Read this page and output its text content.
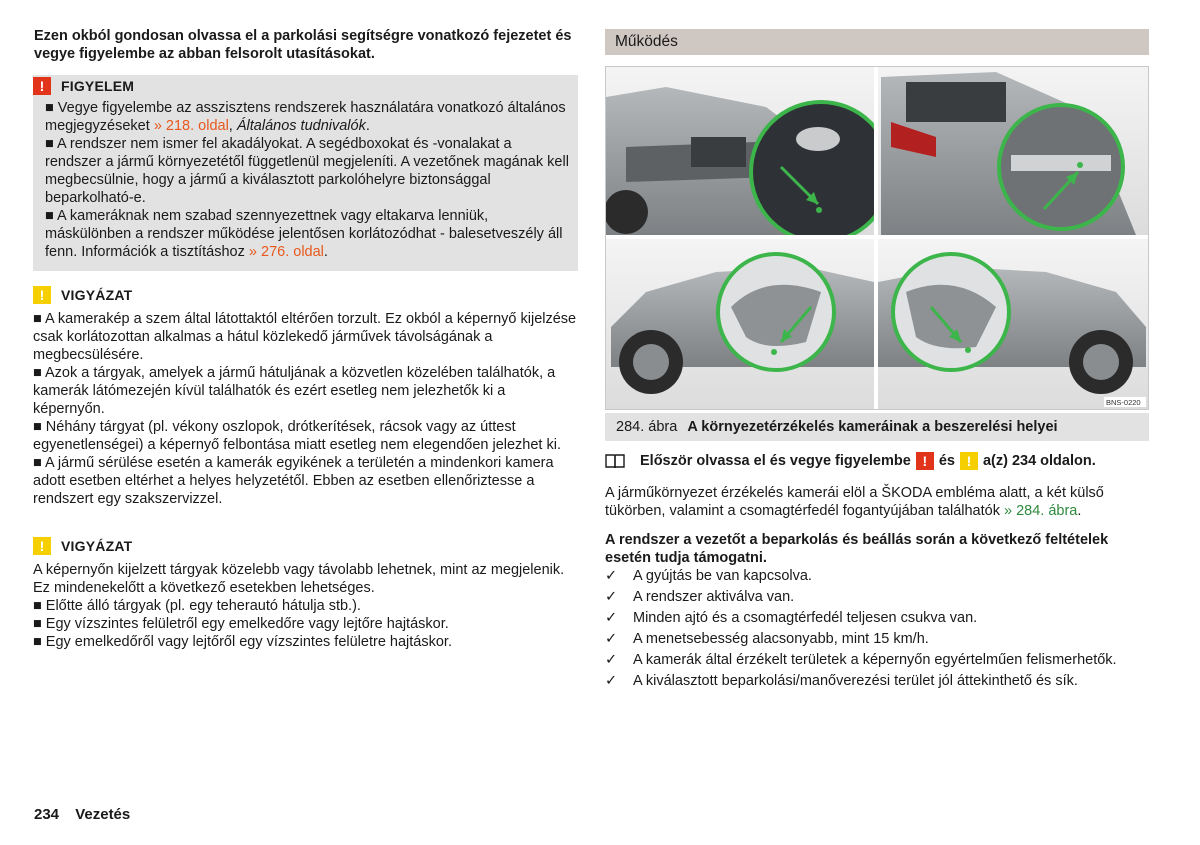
Ezen okból gondosan olvassa el a parkolási segítségre vonatkozó fejezetet és vegye figyelembe az abban felsorolt utasításokat.

!	FIGYELEM

■ Vegye figyelembe az asszisztens rendszerek használatára vonatkozó általános megjegyzéseket » 218. oldal, Általános tudnivalók.

■ A rendszer nem ismer fel akadályokat. A segédboxokat és -vonalakat a rendszer a jármű környezetétől függetlenül megjeleníti. A vezetőnek magának kell megbecsülnie, hogy a jármű a kiválasztott parkolóhelyre biztonsággal beparkolható-e.

■ A kameráknak nem szabad szennyezettnek vagy eltakarva lenniük, máskülönben a rendszer működése jelentősen korlátozódhat - balesetveszély áll fenn. Információk a tisztításhoz » 276. oldal.

!	VIGYÁZAT

■ A kamerakép a szem által látottaktól eltérően torzult. Ez okból a képernyő kijelzése csak korlátozottan alkalmas a hátul közlekedő járművek távolságának a megbecsülésére.

■ Azok a tárgyak, amelyek a jármű hátuljának a közvetlen közelében találhatók, a kamerák látómezején kívül találhatók és ezért esetleg nem jelezhetők ki a képernyőn.

■ Néhány tárgyat (pl. vékony oszlopok, drótkerítések, rácsok vagy az úttest egyenetlenségei) a képernyő felbontása miatt esetleg nem elegendően jelezhet ki.

■ A jármű sérülése esetén a kamerák egyikének a területén a mindenkori kamera adott esetben eltérhet a helyes helyzetétől. Ebben az esetben ellenőriztesse a rendszert egy szakszervizzel.

!	VIGYÁZAT

A képernyőn kijelzett tárgyak közelebb vagy távolabb lehetnek, mint az megjelenik. Ez mindenekelőtt a következő esetekben lehetséges.

■ Előtte álló tárgyak (pl. egy teherautó hátulja stb.).

■ Egy vízszintes felületről egy emelkedőre vagy lejtőre hajtáskor.

■ Egy emelkedőről vagy lejtőről egy vízszintes felületre hajtáskor.

234 Vezetés
Működés
BNS-0220
284. ábra A környezetérzékelés kameráinak a beszerelési helyei
Először olvassa el és vegye figyelembe ! és ! a(z) 234 oldalon.

A járműkörnyezet érzékelés kamerái elöl a ŠKODA embléma alatt, a két külső tükörben, valamint a csomagtérfedél fogantyújában találhatók » 284. ábra.

A rendszer a vezetőt a beparkolás és beállás során a következő feltételek esetén tudja támogatni.

✓	A gyújtás be van kapcsolva.
✓	A rendszer aktiválva van.
✓	Minden ajtó és a csomagtérfedél teljesen csukva van.
✓	A menetsebesség alacsonyabb, mint 15 km/h.
✓	A kamerák által érzékelt területek a képernyőn egyértelműen felismerhetők.
✓	A kiválasztott beparkolási/manőverezési terület jól áttekinthető és sík.
